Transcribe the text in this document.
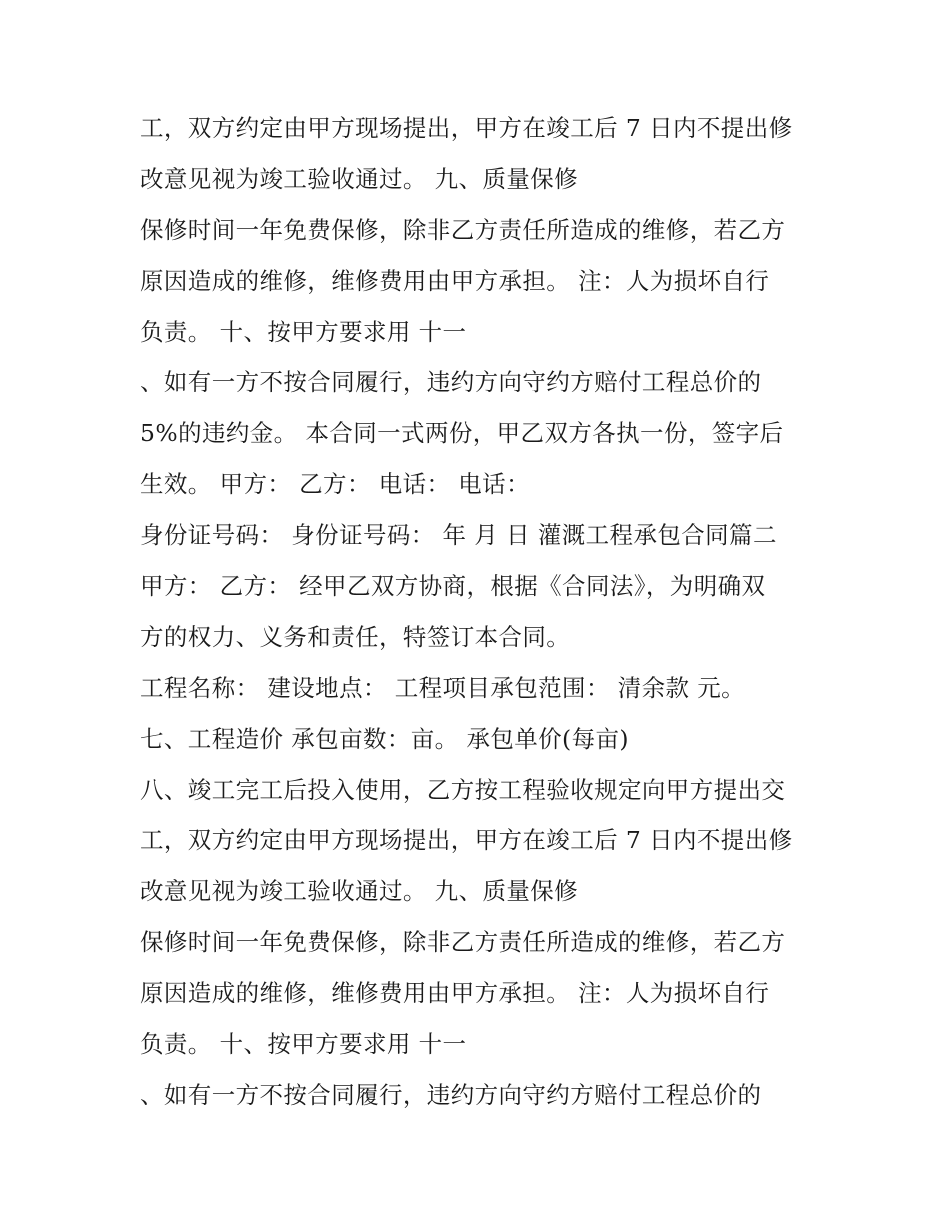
工，双方约定由甲方现场提出，甲方在竣工后 7 日内不提出修
改意见视为竣工验收通过。 九、质量保修
保修时间一年免费保修，除非乙方责任所造成的维修，若乙方
原因造成的维修，维修费用由甲方承担。 注：人为损坏自行
负责。 十、按甲方要求用 十一
、如有一方不按合同履行，违约方向守约方赔付工程总价的
5%的违约金。 本合同一式两份，甲乙双方各执一份，签字后
生效。 甲方： 乙方： 电话： 电话：
身份证号码： 身份证号码： 年 月 日 灌溉工程承包合同篇二
甲方： 乙方： 经甲乙双方协商，根据《合同法》，为明确双
方的权力、义务和责任，特签订本合同。
工程名称： 建设地点： 工程项目承包范围： 清余款 元。
七、工程造价 承包亩数：亩。 承包单价(每亩)
八、竣工完工后投入使用，乙方按工程验收规定向甲方提出交
工，双方约定由甲方现场提出，甲方在竣工后 7 日内不提出修
改意见视为竣工验收通过。 九、质量保修
保修时间一年免费保修，除非乙方责任所造成的维修，若乙方
原因造成的维修，维修费用由甲方承担。 注：人为损坏自行
负责。 十、按甲方要求用 十一
、如有一方不按合同履行，违约方向守约方赔付工程总价的
